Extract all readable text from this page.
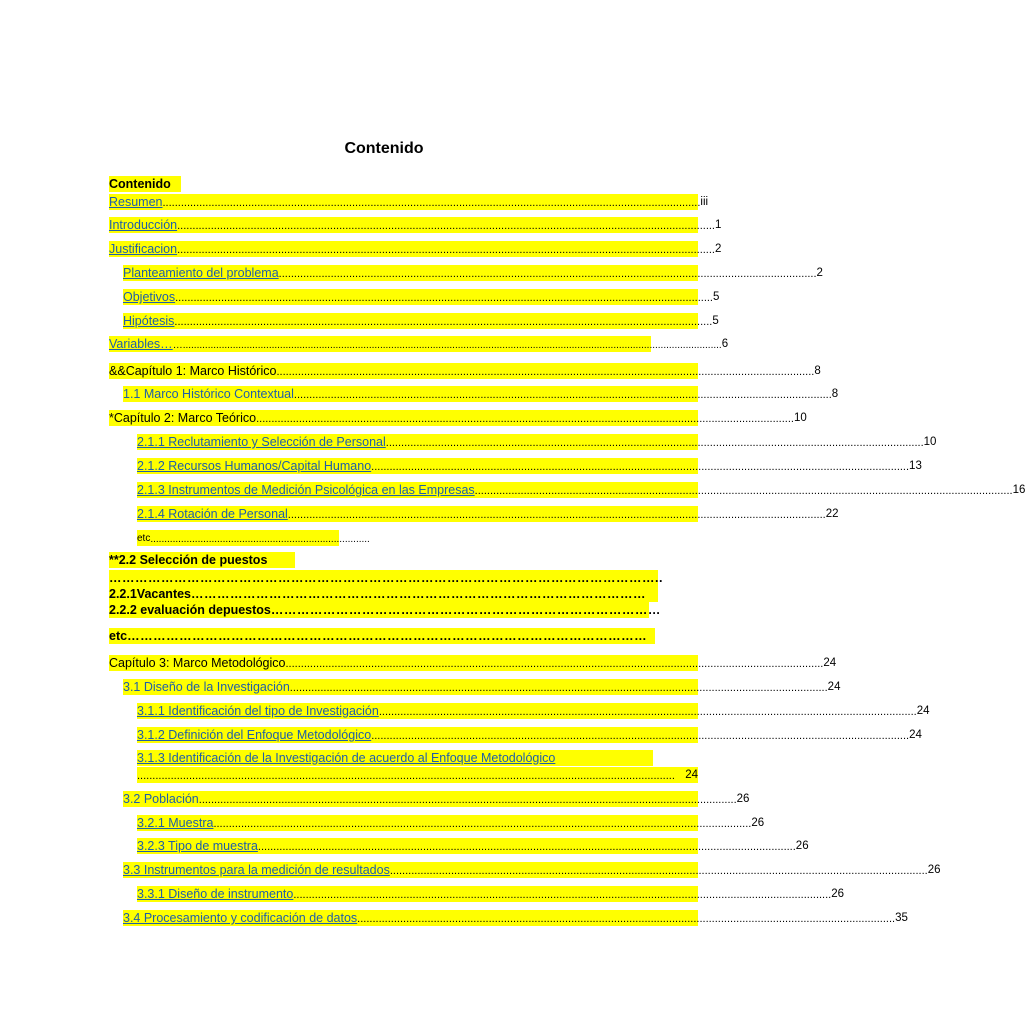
Contenido
Contenido
Resumen ................................................................................................................................................................................ iii
Introducción ................................................................................................................................................................................ 1
Justificacion ................................................................................................................................................................................ 2
Planteamiento del problema ................................................................................................................................................................................ 2
Objetivos ................................................................................................................................................................................ 5
Hipótesis ................................................................................................................................................................................ 5
Variables… ….................................................................................................................................................................................................. 6
&& Capítulo 1: Marco Histórico ................................................................................................................................................................................ 8
1.1 Marco Histórico Contextual ................................................................................................................................................................................ 8
* Capítulo 2: Marco Teórico ................................................................................................................................................................................ 10
2.1.1 Reclutamiento y Selección de Personal ................................................................................................................................................................................ 10
2.1.2 Recursos Humanos/Capital Humano ................................................................................................................................................................................ 13
2.1.3 Instrumentos de Medición Psicológica en las Empresas ................................................................................................................................................................................ 16
2.1.4 Rotación de Personal ................................................................................................................................................................................ 22
etc ...............................................................................
**2.2 Selección de puestos
………………………………………………………………………………………………………………..
2.2.1Vacantes ……………………………………………………………………………………………
2.2.2 evaluación depuestos ………………………………………………………………………………
etc …………………………………………………………………………………………………………
Capítulo 3: Marco Metodológico ................................................................................................................................................................................ 24
3.1 Diseño de la Investigación ................................................................................................................................................................................ 24
3.1.1 Identificación del tipo de Investigación ................................................................................................................................................................................ 24
3.1.2 Definición del Enfoque Metodológico ................................................................................................................................................................................ 24
3.1.3 Identificación de la Investigación de acuerdo al Enfoque Metodológico
................................................................................................................................................................................ 24
3.2 Población ................................................................................................................................................................................ 26
3.2.1 Muestra ................................................................................................................................................................................ 26
3.2.3 Tipo de muestra ................................................................................................................................................................................ 26
3.3 Instrumentos para la medición de resultados ................................................................................................................................................................................ 26
3.3.1 Diseño de instrumento ................................................................................................................................................................................ 26
3.4 Procesamiento y codificación de datos ................................................................................................................................................................................ 35
